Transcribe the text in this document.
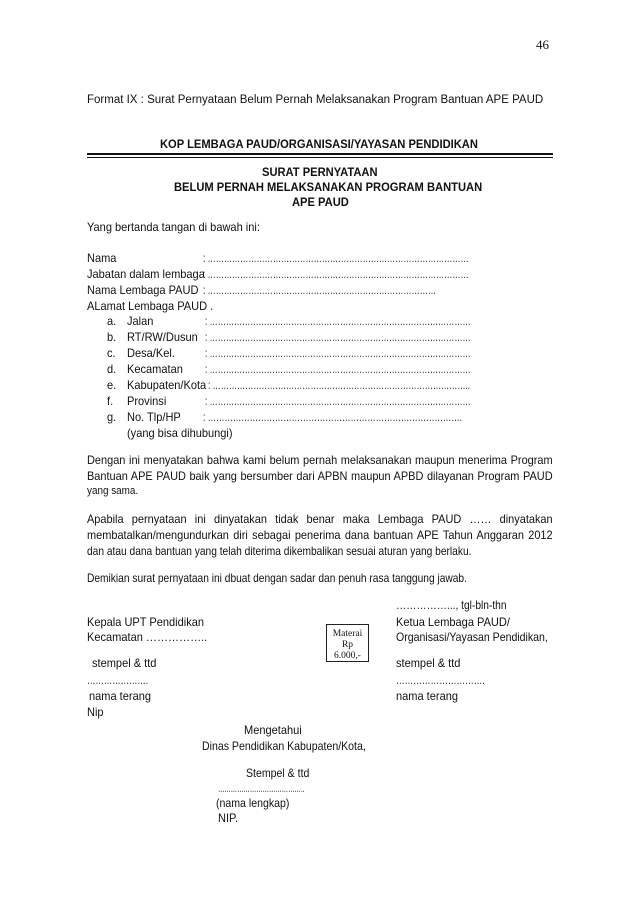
46
Format IX : Surat Pernyataan Belum Pernah Melaksanakan Program Bantuan APE PAUD
KOP LEMBAGA PAUD/ORGANISASI/YAYASAN PENDIDIKAN
SURAT PERNYATAAN
BELUM PERNAH MELAKSANAKAN PROGRAM BANTUAN
APE PAUD
Yang bertanda tangan di bawah ini:
Nama	: ……………………………………………………………………………………
Jabatan dalam lembaga
: ……………………………………………………………………………………
Nama Lembaga PAUD : …………………………………………………………………………
ALamat Lembaga PAUD .
a. Jalan	: ……………………………………………………………………………………
b. RT/RW/Dusun : ……………………………………………………………………………………
c. Desa/Kel.	: ……………………………………………………………………………………
d. Kecamatan : ……………………………………………………………………………………
e. Kabupaten/Kota : …………………………………………………………………………………..
f. Provinsi	: ……………………………………………………………………………………
g. No. Tlp/HP : ……………………………………………………………………………….
(yang bisa dihubungi)
Dengan ini menyatakan bahwa kami belum pernah melaksanakan maupun menerima Program
Bantuan APE PAUD baik yang bersumber dari APBN maupun APBD dilayanan Program PAUD
yang sama.
Apabila pernyataan ini dinyatakan tidak benar maka Lembaga PAUD …… dinyatakan
membatalkan/mengundurkan diri sebagai penerima dana bantuan APE Tahun Anggaran 2012
dan atau dana bantuan yang telah diterima dikembalikan sesuai aturan yang berlaku.
Demikian surat pernyataan ini dbuat dengan sadar dan penuh rasa tanggung jawab.
……………..., tgl-bln-thn
Kepala UPT Pendidikan
Kecamatan ……………..
stempel & ttd
………………….
nama terang
Nip
Materai
Rp
6.000,-
Ketua Lembaga PAUD/
Organisasi/Yayasan Pendidikan,
stempel & ttd
………………………….
nama terang
Mengetahui
Dinas Pendidikan Kabupaten/Kota,
Stempel & ttd
…………………………………..
(nama lengkap)
NIP.
